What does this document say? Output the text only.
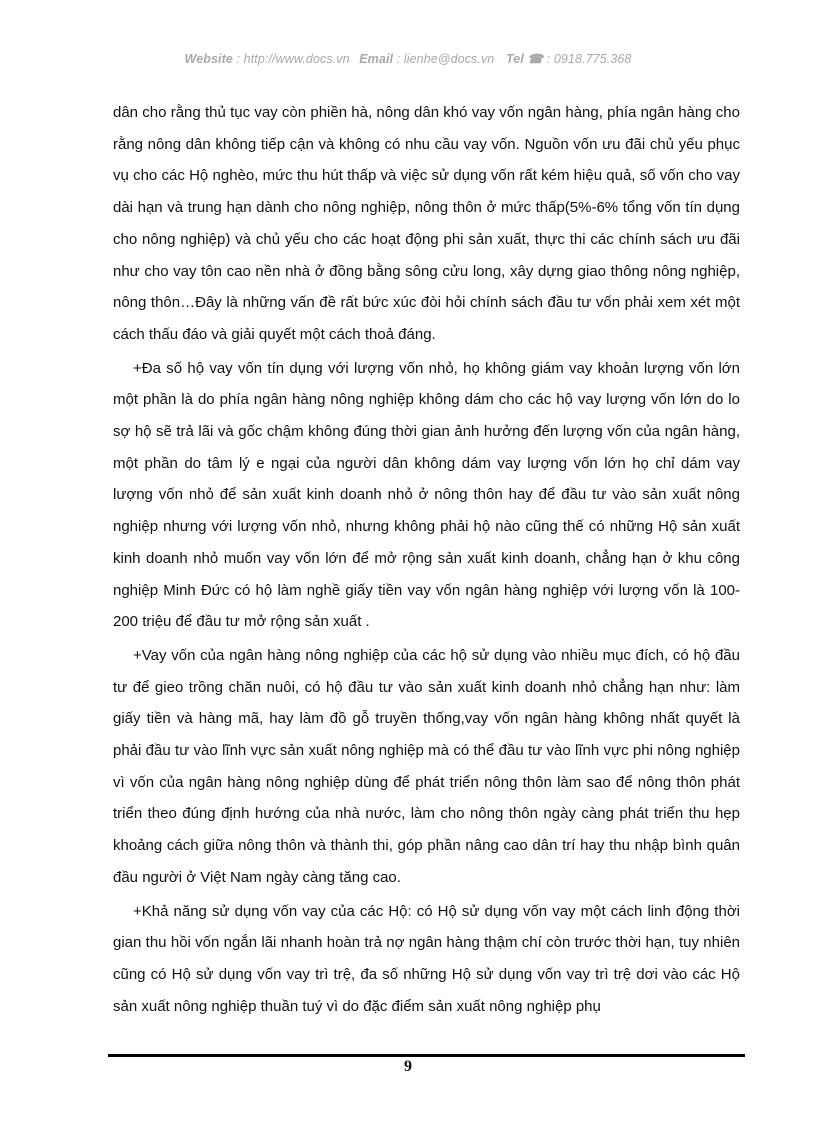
Website : http://www.docs.vn Email : lienhe@docs.vn Tel ☎ : 0918.775.368

dân cho rằng thủ tục vay còn phiền hà, nông dân khó vay vốn ngân hàng, phía ngân hàng cho rằng nông dân không tiếp cận và không có nhu cầu vay vốn. Nguồn vốn ưu đãi chủ yếu phục vụ cho các Hộ nghèo, mức thu hút thấp và việc sử dụng vốn rất kém hiệu quả, số vốn cho vay dài hạn và trung hạn dành cho nông nghiệp, nông thôn ở mức thấp(5%-6% tổng vốn tín dụng cho nông nghiệp) và chủ yếu cho các hoạt động phi sản xuất, thực thi các chính sách ưu đãi như cho vay tôn cao nền nhà ở đồng bằng sông cửu long, xây dựng giao thông nông nghiệp, nông thôn…Đây là những vấn đề rất bức xúc đòi hỏi chính sách đầu tư vốn phải xem xét một cách thấu đáo và giải quyết một cách thoả đáng.

+Đa số hộ vay vốn tín dụng với lượng vốn nhỏ, họ không giám vay khoản lượng vốn lớn một phần là do phía ngân hàng nông nghiệp không dám cho các hộ vay lượng vốn lớn do lo sợ hộ sẽ trả lãi và gốc chậm không đúng thời gian ảnh hưởng đến lượng vốn của ngân hàng, một phần do tâm lý e ngại của người dân không dám vay lượng vốn lớn họ chỉ dám vay lượng vốn nhỏ để sản xuất kinh doanh nhỏ ở nông thôn hay để đầu tư vào sản xuất nông nghiệp nhưng với lượng vốn nhỏ, nhưng không phải hộ nào cũng thế có những Hộ sản xuất kinh doanh nhỏ muốn vay vốn lớn để mở rộng sản xuất kinh doanh, chẳng hạn ở khu công nghiệp Minh Đức có hộ làm nghề giấy tiền vay vốn ngân hàng nghiệp với lượng vốn là 100-200 triệu để đầu tư mở rộng sản xuất .

+Vay vốn của ngân hàng nông nghiệp của các hộ sử dụng vào nhiều mục đích, có hộ đầu tư để gieo trồng chăn nuôi, có hộ đầu tư vào sản xuất kinh doanh nhỏ chẳng hạn như: làm giấy tiền và hàng mã, hay làm đồ gỗ truyền thống,vay vốn ngân hàng không nhất quyết là phải đầu tư vào lĩnh vực sản xuất nông nghiệp mà có thể đầu tư vào lĩnh vực phi nông nghiệp vì vốn của ngân hàng nông nghiệp dùng để phát triển nông thôn làm sao để nông thôn phát triển theo đúng định hướng của nhà nước, làm cho nông thôn ngày càng phát triển thu hẹp khoảng cách giữa nông thôn và thành thi, góp phần nâng cao dân trí hay thu nhập bình quân đầu người ở Việt Nam ngày càng tăng cao.

+Khả năng sử dụng vốn vay của các Hộ: có Hộ sử dụng vốn vay một cách linh động thời gian thu hồi vốn ngắn lãi nhanh hoàn trả nợ ngân hàng thậm chí còn trước thời hạn, tuy nhiên cũng có Hộ sử dụng vốn vay trì trệ, đa số những Hộ sử dụng vốn vay trì trệ dơi vào các Hộ sản xuất nông nghiệp thuần tuý vì do đặc điểm sản xuất nông nghiệp phụ

9
